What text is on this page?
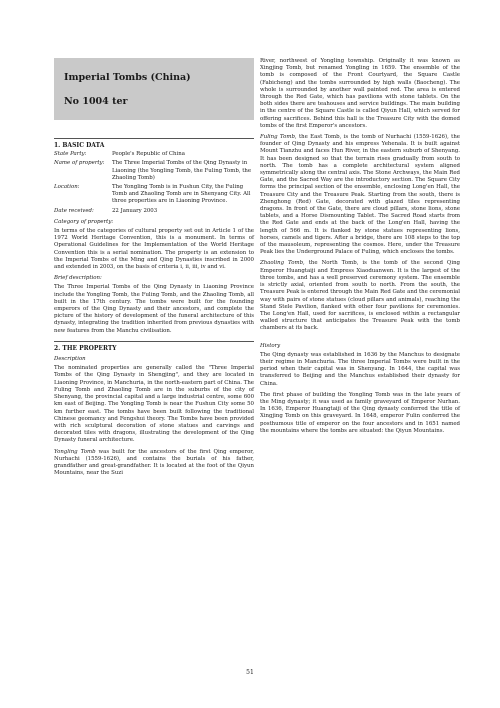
Imperial Tombs (China)
No 1004 ter
1. BASIC DATA
State Party:	People's Republic of China
Name of property:	The Three Imperial Tombs of the Qing Dynasty in Liaoning (the Yongling Tomb, the Fuling Tomb, the Zhaoling Tomb)
Location:	The Yongling Tomb is in Fushun City, the Fuling Tomb and Zhaoling Tomb are in Shenyang City. All three properties are in Liaoning Province.
Date received:	22 January 2003
Category of property:

In terms of the categories of cultural property set out in Article 1 of the 1972 World Heritage Convention, this is a monument. In terms of Operational Guidelines for the Implementation of the World Heritage Convention this is a serial nomination. The property is an extension to the Imperial Tombs of the Ming and Qing Dynasties inscribed in 2000 and extended in 2003, on the basis of criteria i, ii, iii, iv and vi.

Brief description:

The Three Imperial Tombs of the Qing Dynasty in Liaoning Province include the Yongling Tomb, the Fuling Tomb, and the Zhaoling Tomb, all built in the 17th century. The tombs were built for the founding emperors of the Qing Dynasty and their ancestors, and complete the picture of the history of development of the funeral architecture of this dynasty, integrating the tradition inherited from previous dynasties with new features from the Manchu civilisation.

2. THE PROPERTY
Description

The nominated properties are generally called the "Three Imperial Tombs of the Qing Dynasty in Shengjing", and they are located in Liaoning Province, in Manchuria, in the north-eastern part of China. The Fuling Tomb and Zhaoling Tomb are in the suburbs of the city of Shenyang, the provincial capital and a large industrial centre, some 600 km east of Beijing. The Yongling Tomb is near the Fushun City some 50 km further east. The tombs have been built following the traditional Chinese geomancy and Fengshui theory. The Tombs have been provided with rich sculptural decoration of stone statues and carvings and decorated tiles with dragons, illustrating the development of the Qing Dynasty funeral architecture.

Yongling Tomb was built for the ancestors of the first Qing emperor, Nurhachi (1559-1626), and contains the burials of his father, grandfather and great-grandfather. It is located at the foot of the Qiyun Mountains, near the Suzi

River, northwest of Yongling township. Originally it was known as Xingjing Tomb, but renamed Yongling in 1659. The ensemble of the tomb is composed of the Front Courtyard, the Square Castle (Fabicheng) and the tombs surrounded by high walls (Baocheng). The whole is surrounded by another wall painted red. The area is entered through the Red Gate, which has pavilions with stone tablets. On the both sides there are teahouses and service buildings. The main building in the centre of the Square Castle is called Qiyun Hall, which served for offering sacrifices. Behind this hall is the Treasure City with the domed tombs of the first Emperor's ancestors.

Fuling Tomb, the East Tomb, is the tomb of Nurhachi (1559-1626), the founder of Qing Dynasty and his empress Yehenala. It is built against Mount Tianzhu and faces Hun River, in the eastern suburb of Shenyang. It has been designed so that the terrain rises gradually from south to north. The tomb has a complete architectural system aligned symmetrically along the central axis. The Stone Archways, the Main Red Gate, and the Sacred Way are the introductory section. The Square City forms the principal section of the ensemble, enclosing Long'en Hall, the Treasure City and the Treasure Peak. Starting from the south, there is Zhenghong (Red) Gate, decorated with glazed tiles representing dragons. In front of the Gate, there are cloud pillars, stone lions, stone tablets, and a Horse Dismounting Tablet. The Sacred Road starts from the Red Gate and ends at the back of the Long'en Hall, having the length of 566 m. It is flanked by stone statues representing lions, horses, camels and tigers. After a bridge, there are 108 steps to the top of the mausoleum, representing the cosmos. Here, under the Treasure Peak lies the Underground Palace of Fuling, which encloses the tombs.

Zhaoling Tomb, the North Tomb, is the tomb of the second Qing Emperor Huangtaiji and Empress Xiaoduanwen. It is the largest of the three tombs, and has a well preserved ceremony system. The ensemble is strictly axial, oriented from south to north. From the south, the Treasure Peak is entered through the Main Red Gate and the ceremonial way with pairs of stone statues (cloud pillars and animals), reaching the Stand Stele Pavilion, flanked with other four pavilions for ceremonies. The Long'en Hall, used for sacrifices, is enclosed within a rectangular walled structure that anticipates the Treasure Peak with the tomb chambers at its back.

History

The Qing dynasty was established in 1636 by the Manchus to designate their regime in Manchuria. The three Imperial Tombs were built in the period when their capital was in Shenyang. In 1644, the capital was transferred to Beijing and the Manchus established their dynasty for China.

The first phase of building the Yongling Tomb was in the late years of the Ming dynasty; it was used as family graveyard of Emperor Nurhan. In 1636, Emperor Huangtaiji of the Qing dynasty conferred the title of Xingjing Tomb on this graveyard. In 1648, emperor Fulin conferred the posthumous title of emperor on the four ancestors and in 1651 named the mountains where the tombs are situated: the Qiyun Mountains.

51
